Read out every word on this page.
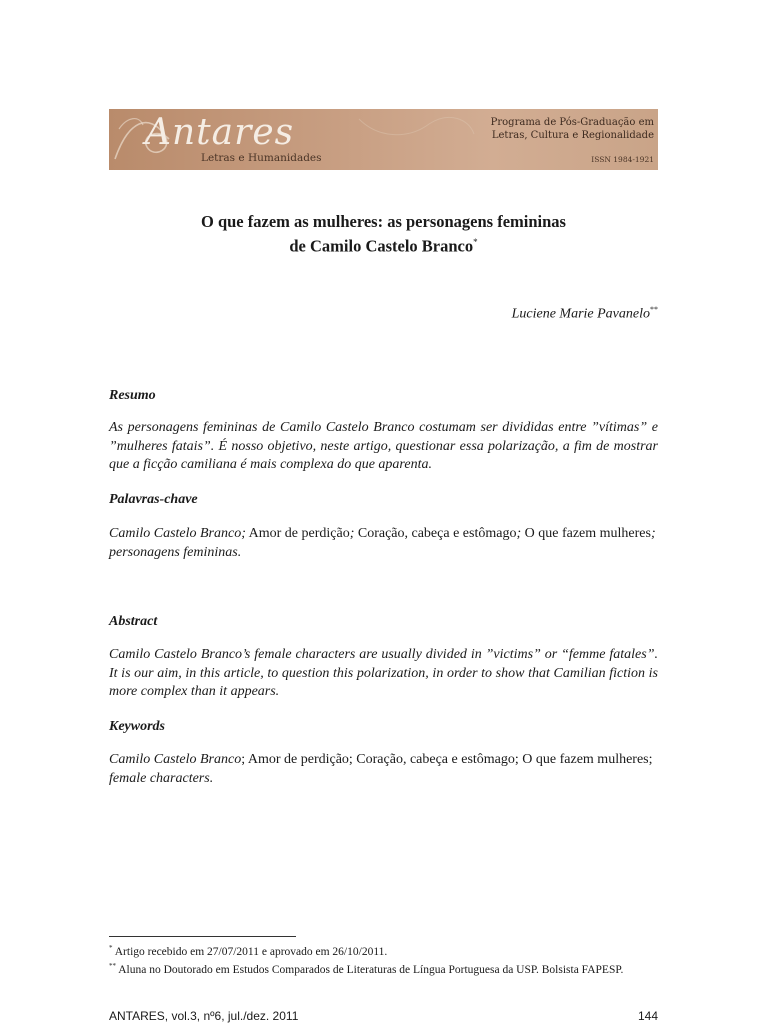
Antares
Letras e Humanidades
Programa de Pós-Graduação em
Letras, Cultura e Regionalidade
ISSN 1984-1921
O que fazem as mulheres: as personagens femininas
de Camilo Castelo Branco*
Luciene Marie Pavanelo**
Resumo
As personagens femininas de Camilo Castelo Branco costumam ser divididas entre ”vítimas” e ”mulheres fatais”. É nosso objetivo, neste artigo, questionar essa polarização, a fim de mostrar que a ficção camiliana é mais complexa do que aparenta.
Palavras-chave
Camilo Castelo Branco; Amor de perdição; Coração, cabeça e estômago; O que fazem mulheres; personagens femininas.
Abstract
Camilo Castelo Branco’s female characters are usually divided in ”victims” or “femme fatales”. It is our aim, in this article, to question this polarization, in order to show that Camilian fiction is more complex than it appears.
Keywords
Camilo Castelo Branco; Amor de perdição; Coração, cabeça e estômago; O que fazem mulheres; female characters.
* Artigo recebido em 27/07/2011 e aprovado em 26/10/2011.
** Aluna no Doutorado em Estudos Comparados de Literaturas de Língua Portuguesa da USP. Bolsista FAPESP.
ANTARES, vol.3, nº6, jul./dez. 2011	144
